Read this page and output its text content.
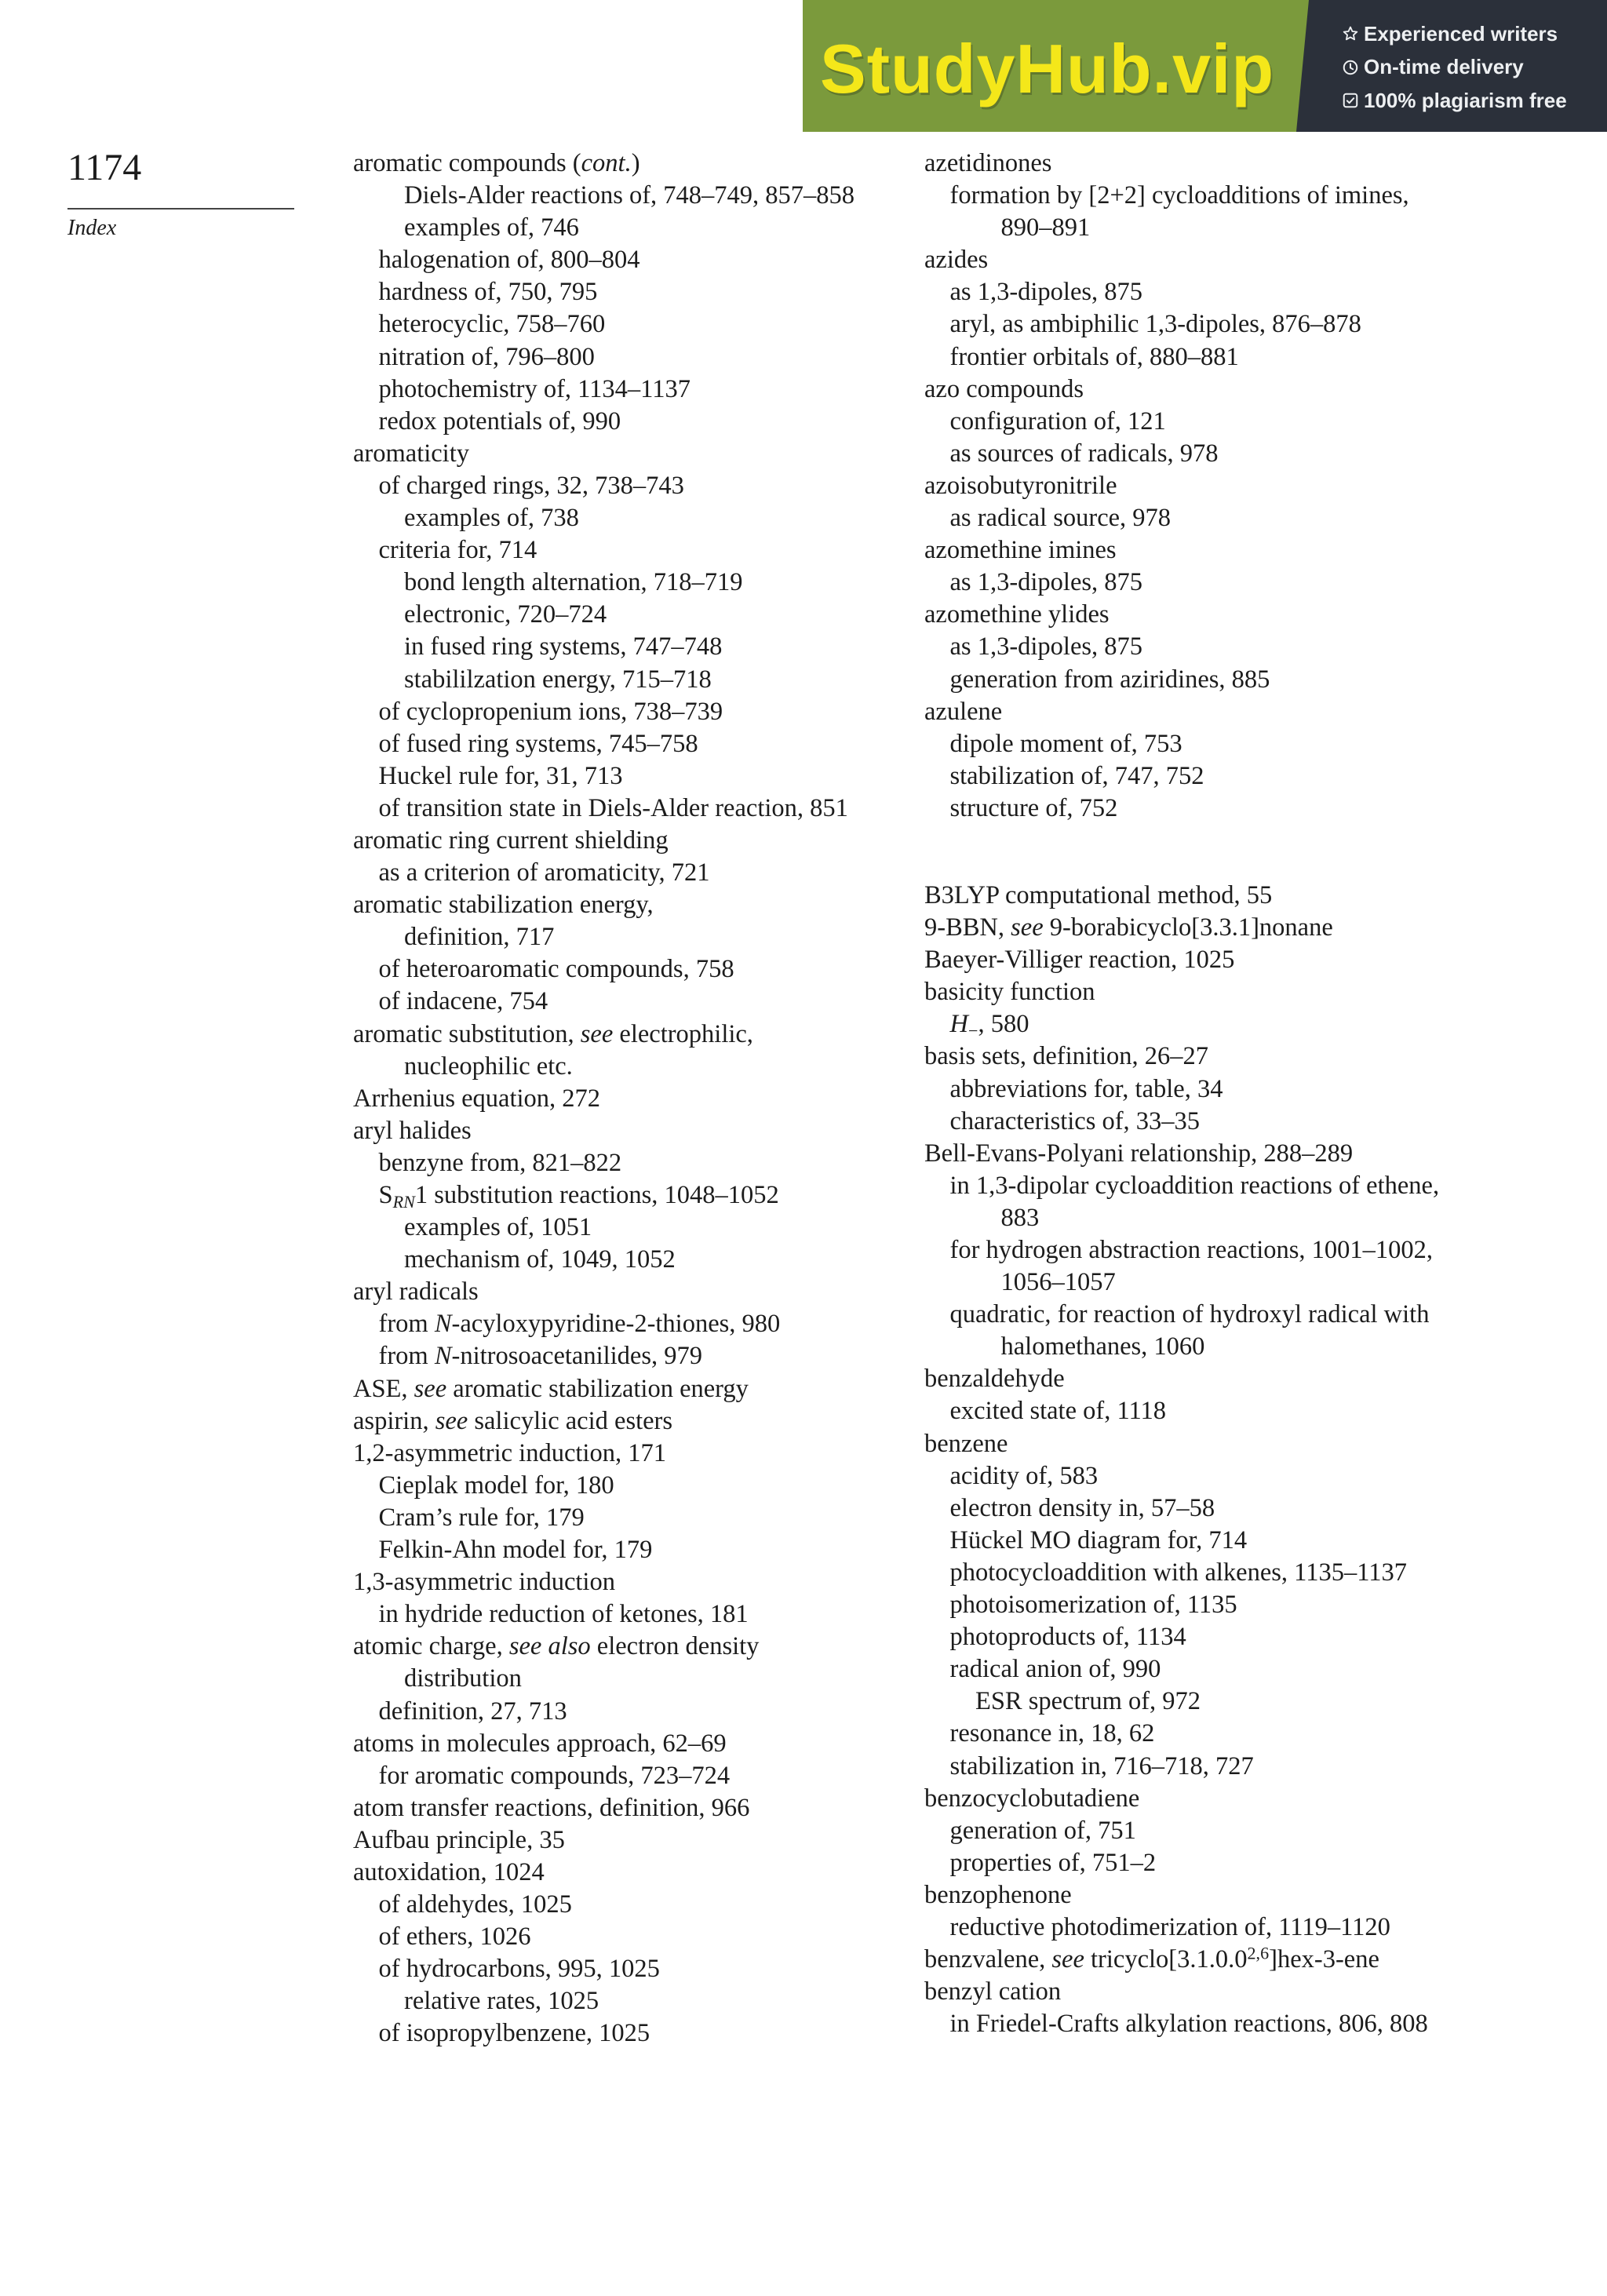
StudyHub.vip	Experienced writers
On-time delivery
100% plagiarism free
1174
Index
aromatic compounds (cont.)
Diels-Alder reactions of, 748–749, 857–858
examples of, 746
halogenation of, 800–804
hardness of, 750, 795
heterocyclic, 758–760
nitration of, 796–800
photochemistry of, 1134–1137
redox potentials of, 990
aromaticity
of charged rings, 32, 738–743
examples of, 738
criteria for, 714
bond length alternation, 718–719
electronic, 720–724
in fused ring systems, 747–748
stabililzation energy, 715–718
of cyclopropenium ions, 738–739
of fused ring systems, 745–758
Huckel rule for, 31, 713
of transition state in Diels-Alder reaction, 851
aromatic ring current shielding
as a criterion of aromaticity, 721
aromatic stabilization energy,
definition, 717
of heteroaromatic compounds, 758
of indacene, 754
aromatic substitution, see electrophilic,
nucleophilic etc.
Arrhenius equation, 272
aryl halides
benzyne from, 821–822
$S_{RN}1$ substitution reactions, 1048–1052
examples of, 1051
mechanism of, 1049, 1052
aryl radicals
from N-acyloxypyridine-2-thiones, 980
from N-nitrosoacetanilides, 979
ASE, see aromatic stabilization energy
aspirin, see salicylic acid esters
1,2-asymmetric induction, 171
Cieplak model for, 180
Cram’s rule for, 179
Felkin-Ahn model for, 179
1,3-asymmetric induction
in hydride reduction of ketones, 181
atomic charge, see also electron density
distribution
definition, 27, 713
atoms in molecules approach, 62–69
for aromatic compounds, 723–724
atom transfer reactions, definition, 966
Aufbau principle, 35
autoxidation, 1024
of aldehydes, 1025
of ethers, 1026
of hydrocarbons, 995, 1025
relative rates, 1025
of isopropylbenzene, 1025
azetidinones
formation by [2+2] cycloadditions of imines,
890–891
azides
as 1,3-dipoles, 875
aryl, as ambiphilic 1,3-dipoles, 876–878
frontier orbitals of, 880–881
azo compounds
configuration of, 121
as sources of radicals, 978
azoisobutyronitrile
as radical source, 978
azomethine imines
as 1,3-dipoles, 875
azomethine ylides
as 1,3-dipoles, 875
generation from aziridines, 885
azulene
dipole moment of, 753
stabilization of, 747, 752
structure of, 752
B3LYP computational method, 55
9-BBN, see 9-borabicyclo[3.3.1]nonane
Baeyer-Villiger reaction, 1025
basicity function
$H_-$, 580
basis sets, definition, 26–27
abbreviations for, table, 34
characteristics of, 33–35
Bell-Evans-Polyani relationship, 288–289
in 1,3-dipolar cycloaddition reactions of ethene,
883
for hydrogen abstraction reactions, 1001–1002,
1056–1057
quadratic, for reaction of hydroxyl radical with
halomethanes, 1060
benzaldehyde
excited state of, 1118
benzene
acidity of, 583
electron density in, 57–58
Hückel MO diagram for, 714
photocycloaddition with alkenes, 1135–1137
photoisomerization of, 1135
photoproducts of, 1134
radical anion of, 990
ESR spectrum of, 972
resonance in, 18, 62
stabilization in, 716–718, 727
benzocyclobutadiene
generation of, 751
properties of, 751–2
benzophenone
reductive photodimerization of, 1119–1120
benzvalene, see tricyclo[3.1.0.0$^{2,6}$]hex-3-ene
benzyl cation
in Friedel-Crafts alkylation reactions, 806, 808
